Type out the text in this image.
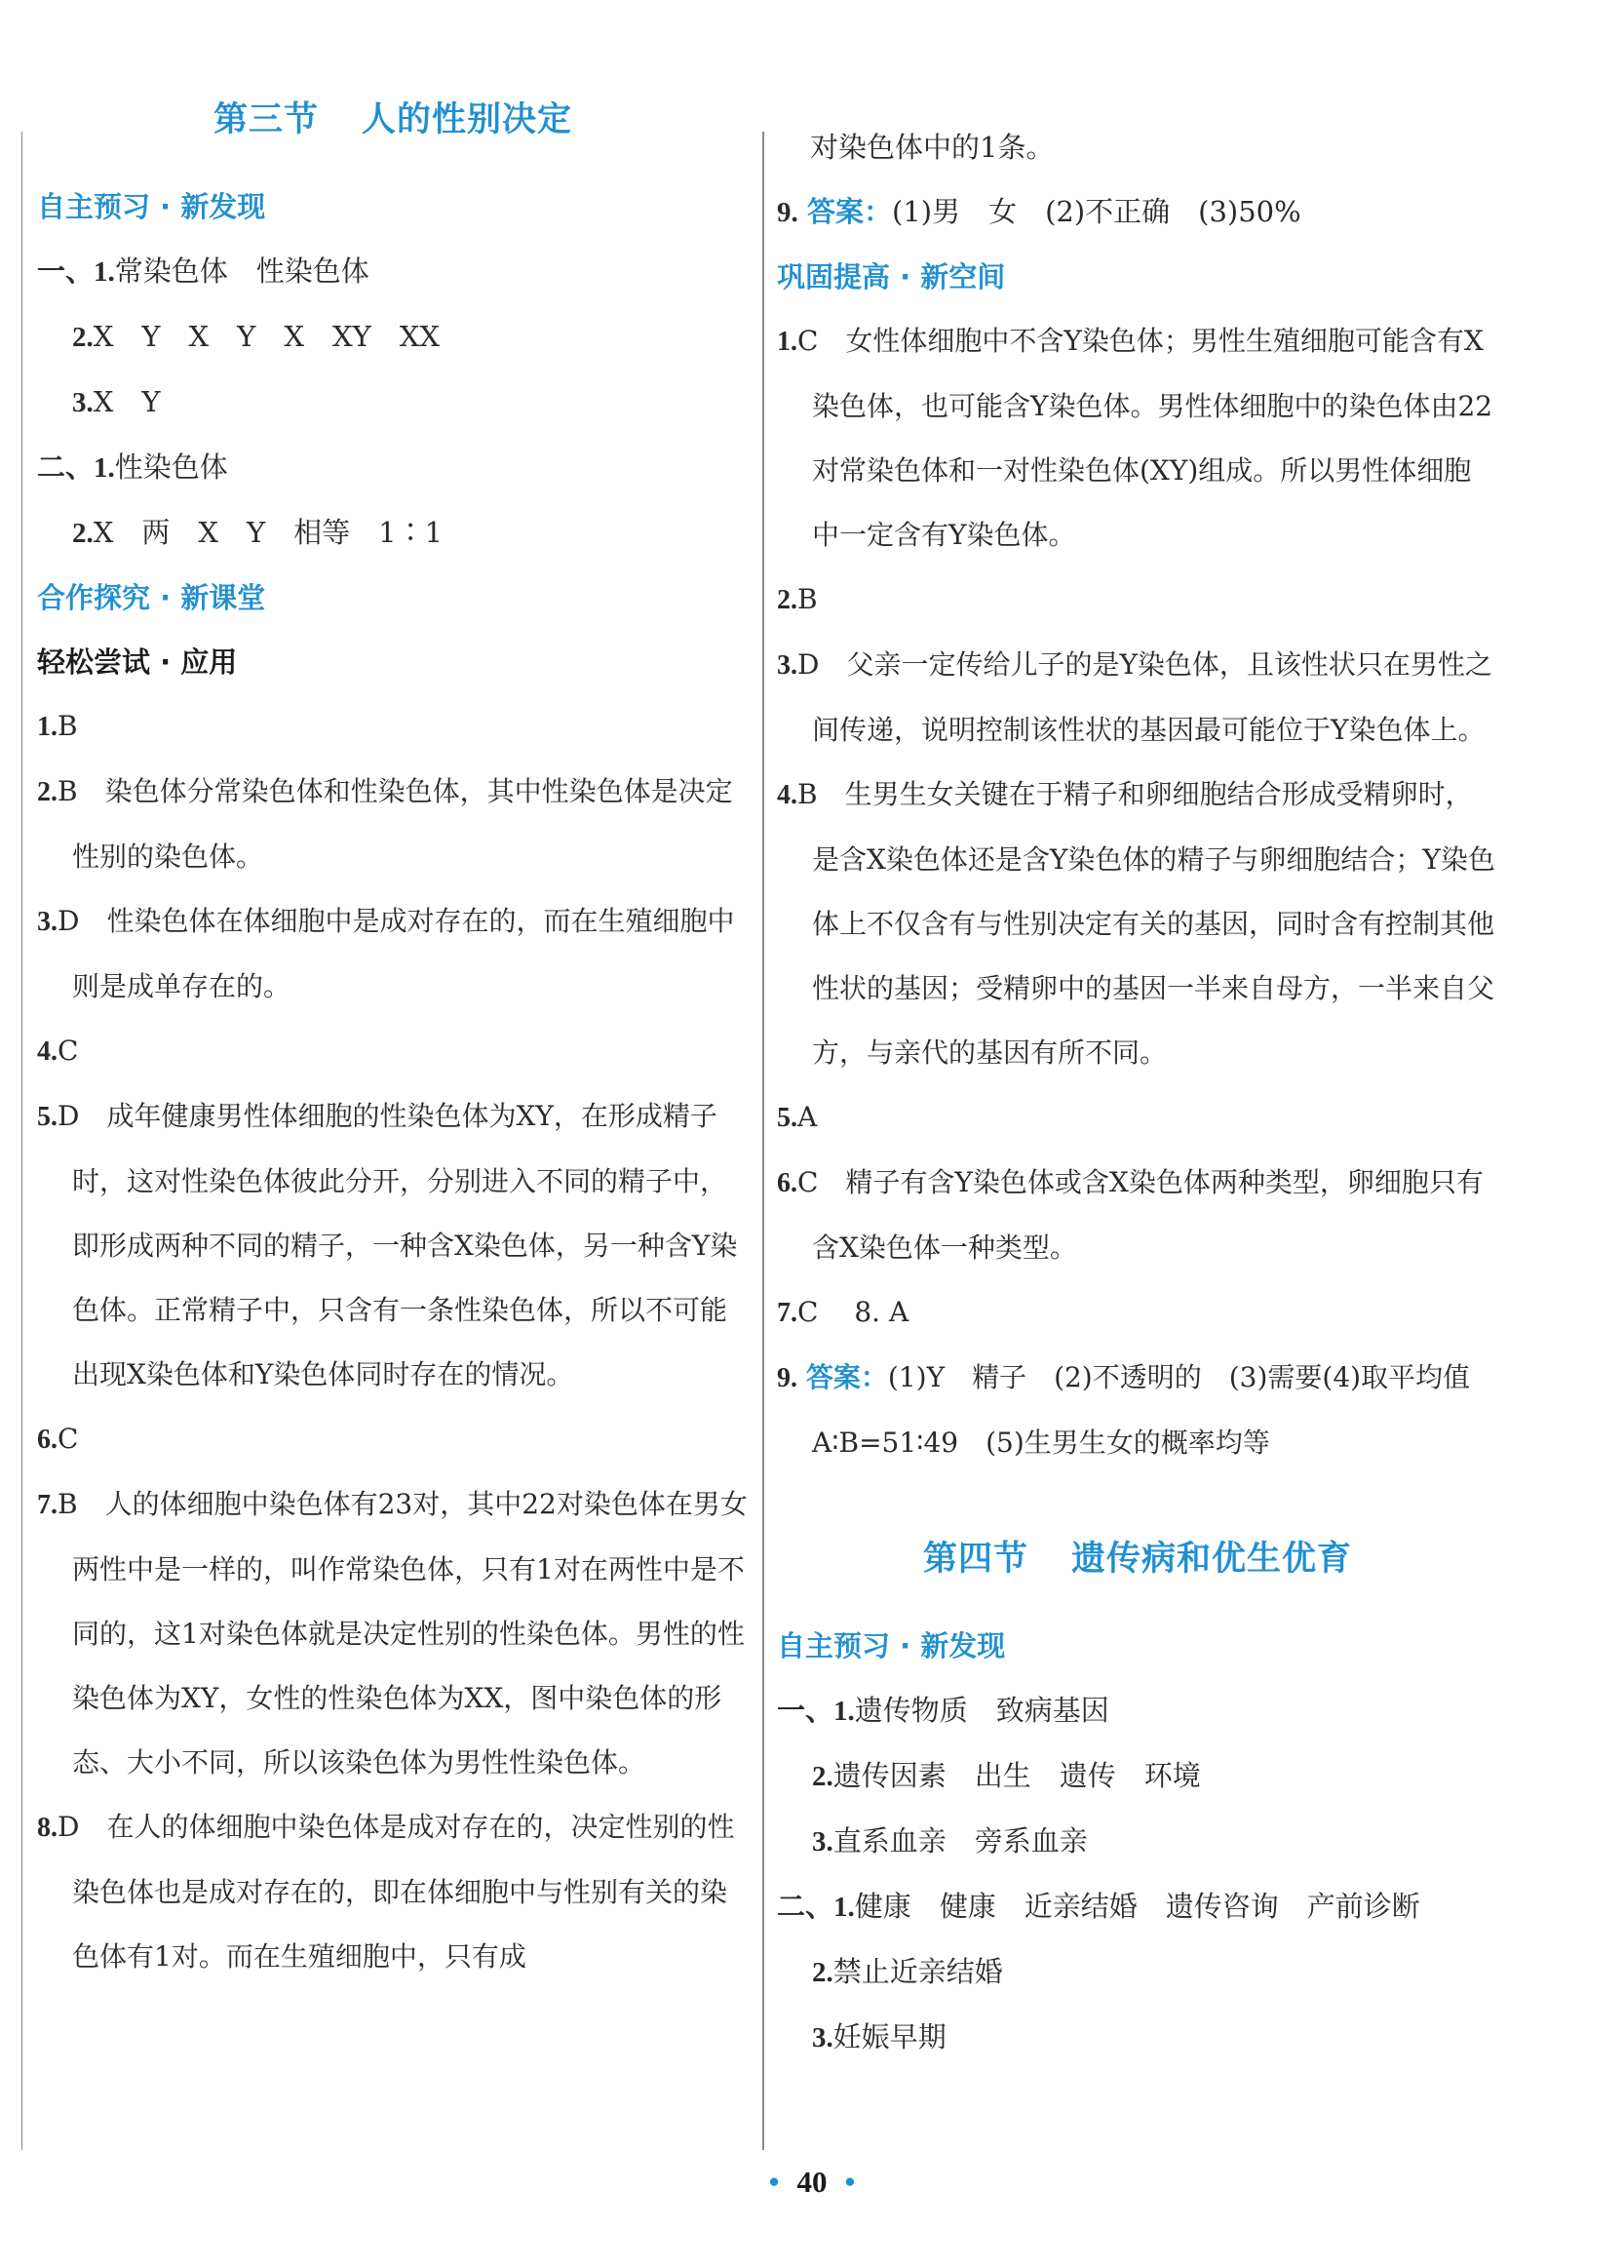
第三节 人的性别决定
自主预习 · 新发现
一、1.常染色体　性染色体
2.X　Y　X　Y　X　XY　XX
3.X　Y
二、1.性染色体
2.X　两　X　Y　相等　1∶1
合作探究 · 新课堂
轻松尝试 · 应用
1.B
2.B　染色体分常染色体和性染色体，其中性染色体是决定性别的染色体。
3.D　性染色体在体细胞中是成对存在的，而在生殖细胞中则是成单存在的。
4.C
5.D　成年健康男性体细胞的性染色体为XY，在形成精子时，这对性染色体彼此分开，分别进入不同的精子中，即形成两种不同的精子，一种含X染色体，另一种含Y染色体。正常精子中，只含有一条性染色体，所以不可能出现X染色体和Y染色体同时存在的情况。
6.C
7.B　人的体细胞中染色体有23对，其中22对染色体在男女两性中是一样的，叫作常染色体，只有1对在两性中是不同的，这1对染色体就是决定性别的性染色体。男性的性染色体为XY，女性的性染色体为XX，图中染色体的形态、大小不同，所以该染色体为男性性染色体。
8.D　在人的体细胞中染色体是成对存在的，决定性别的性染色体也是成对存在的，即在体细胞中与性别有关的染色体有1对。而在生殖细胞中，只有成
对染色体中的1条。
9. 答案：(1)男　女　(2)不正确　(3)50%
巩固提高 · 新空间
1.C　女性体细胞中不含Y染色体；男性生殖细胞可能含有X染色体，也可能含Y染色体。男性体细胞中的染色体由22对常染色体和一对性染色体(XY)组成。所以男性体细胞中一定含有Y染色体。
2.B
3.D　父亲一定传给儿子的是Y染色体，且该性状只在男性之间传递，说明控制该性状的基因最可能位于Y染色体上。
4.B　生男生女关键在于精子和卵细胞结合形成受精卵时，是含X染色体还是含Y染色体的精子与卵细胞结合；Y染色体上不仅含有与性别决定有关的基因，同时含有控制其他性状的基因；受精卵中的基因一半来自母方，一半来自父方，与亲代的基因有所不同。
5.A
6.C　精子有含Y染色体或含X染色体两种类型，卵细胞只有含X染色体一种类型。
7.C　 8. A
9. 答案：(1)Y　精子　(2)不透明的　(3)需要(4)取平均值　A∶B=51∶49　(5)生男生女的概率均等
第四节 遗传病和优生优育
自主预习 · 新发现
一、1.遗传物质　致病基因
2.遗传因素　出生　遗传　环境
3.直系血亲　旁系血亲
二、1.健康　健康　近亲结婚　遗传咨询　产前诊断
2.禁止近亲结婚
3.妊娠早期
• 40 •
